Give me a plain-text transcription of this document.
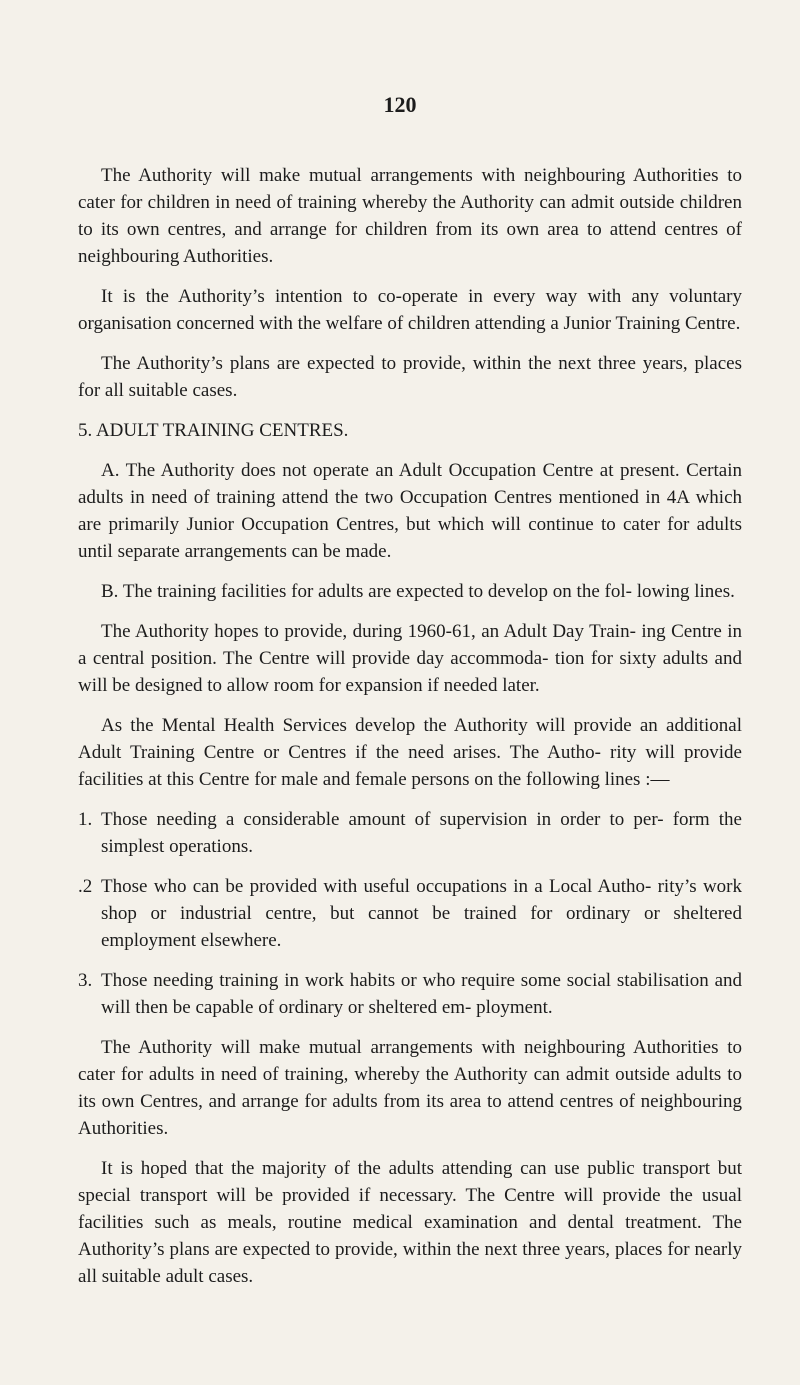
120

The Authority will make mutual arrangements with neighbouring Authorities to cater for children in need of training whereby the Authority can admit outside children to its own centres, and arrange for children from its own area to attend centres of neighbouring Authorities.

It is the Authority’s intention to co-operate in every way with any voluntary organisation concerned with the welfare of children attending a Junior Training Centre.

The Authority’s plans are expected to provide, within the next three years, places for all suitable cases.

5. ADULT TRAINING CENTRES.

A. The Authority does not operate an Adult Occupation Centre at present. Certain adults in need of training attend the two Occupation Centres mentioned in 4A which are primarily Junior Occupation Centres, but which will continue to cater for adults until separate arrangements can be made.

B. The training facilities for adults are expected to develop on the fol- lowing lines.

The Authority hopes to provide, during 1960-61, an Adult Day Train- ing Centre in a central position. The Centre will provide day accommoda- tion for sixty adults and will be designed to allow room for expansion if needed later.

As the Mental Health Services develop the Authority will provide an additional Adult Training Centre or Centres if the need arises. The Autho- rity will provide facilities at this Centre for male and female persons on the following lines :—

1. Those needing a considerable amount of supervision in order to per- form the simplest operations.
.2 Those who can be provided with useful occupations in a Local Autho- rity’s work shop or industrial centre, but cannot be trained for ordinary or sheltered employment elsewhere.
3. Those needing training in work habits or who require some social stabilisation and will then be capable of ordinary or sheltered em- ployment.

The Authority will make mutual arrangements with neighbouring Authorities to cater for adults in need of training, whereby the Authority can admit outside adults to its own Centres, and arrange for adults from its area to attend centres of neighbouring Authorities.

It is hoped that the majority of the adults attending can use public transport but special transport will be provided if necessary. The Centre will provide the usual facilities such as meals, routine medical examination and dental treatment. The Authority’s plans are expected to provide, within the next three years, places for nearly all suitable adult cases.
